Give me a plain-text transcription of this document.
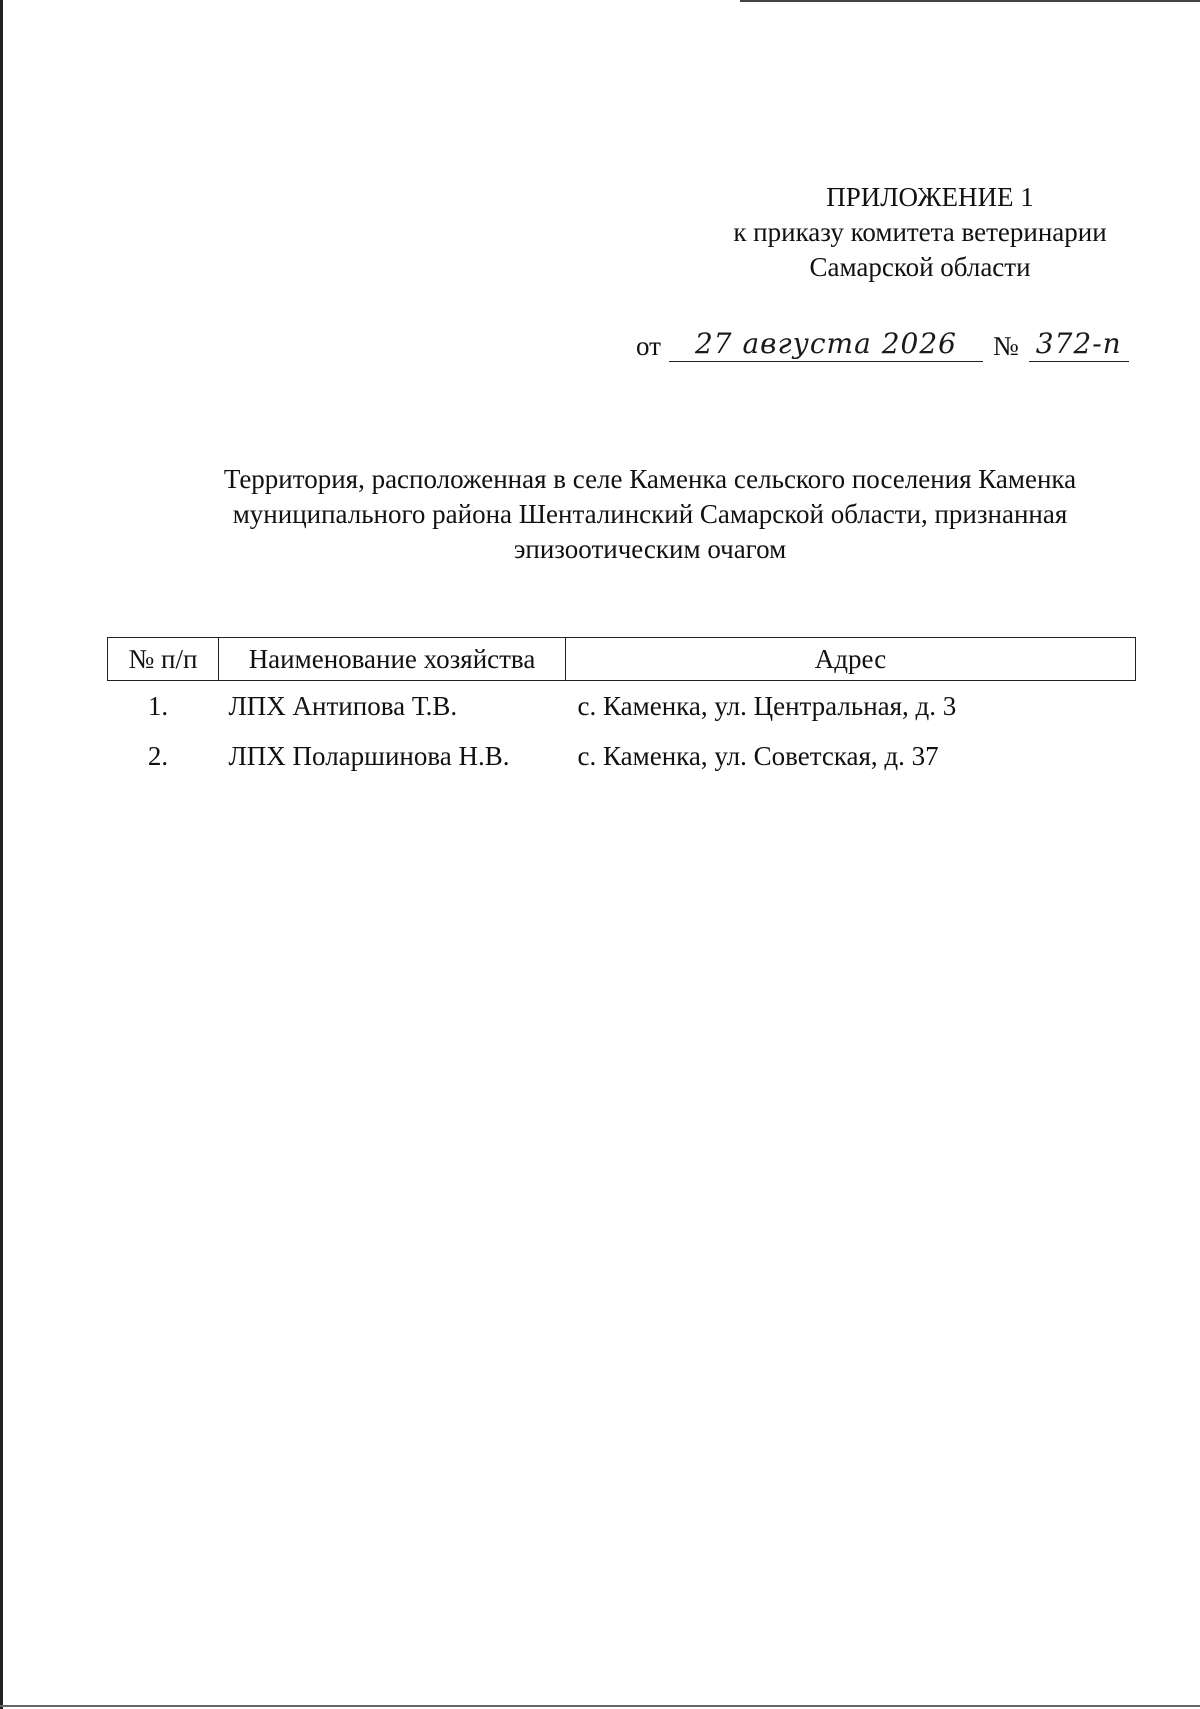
ПРИЛОЖЕНИЕ 1
к приказу комитета ветеринарии
Самарской области
от	27 августа 2026	№ 372-п
Территория, расположенная в селе Каменка сельского поселения Каменка
муниципального района Шенталинский Самарской области, признанная
эпизоотическим очагом
№ п/п	Наименование хозяйства	Адрес
1.	ЛПХ Антипова Т.В.	с. Каменка, ул. Центральная, д. 3
2.	ЛПХ Поларшинова Н.В.	с. Каменка, ул. Советская, д. 37
